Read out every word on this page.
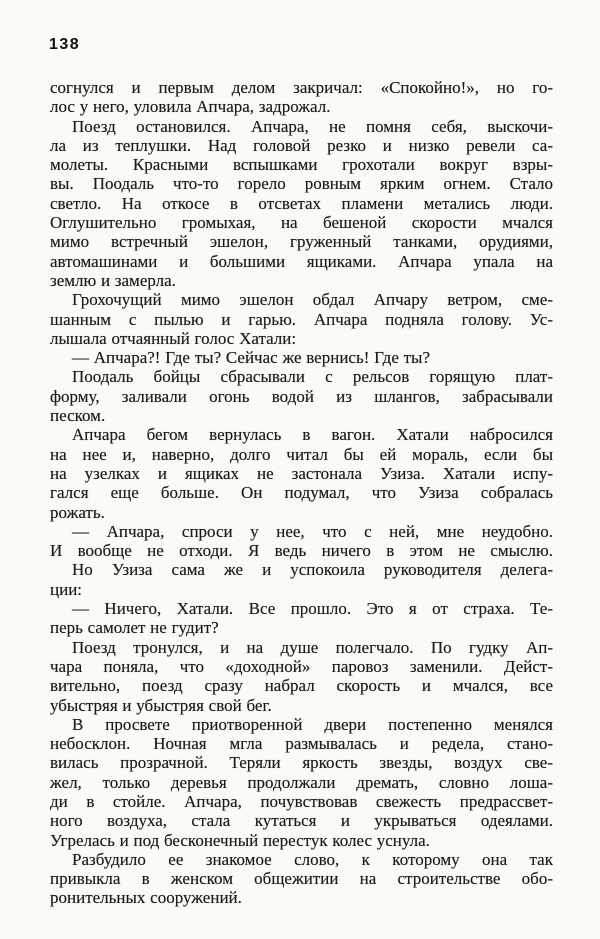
138
согнулся и первым делом закричал: «Спокойно!», но го-
лос у него, уловила Апчара, задрожал.
Поезд остановился. Апчара, не помня себя, выскочи-
ла из теплушки. Над головой резко и низко ревели са-
молеты. Красными вспышками грохотали вокруг взры-
вы. Поодаль что-то горело ровным ярким огнем. Стало
светло. На откосе в отсветах пламени метались люди.
Оглушительно громыхая, на бешеной скорости мчался
мимо встречный эшелон, груженный танками, орудиями,
автомашинами и большими ящиками. Апчара упала на
землю и замерла.
Грохочущий мимо эшелон обдал Апчару ветром, сме-
шанным с пылью и гарью. Апчара подняла голову. Ус-
лышала отчаянный голос Хатали:
— Апчара?! Где ты? Сейчас же вернись! Где ты?
Поодаль бойцы сбрасывали с рельсов горящую плат-
форму, заливали огонь водой из шлангов, забрасывали
песком.
Апчара бегом вернулась в вагон. Хатали набросился
на нее и, наверно, долго читал бы ей мораль, если бы
на узелках и ящиках не застонала Узиза. Хатали испу-
гался еще больше. Он подумал, что Узиза собралась
рожать.
— Апчара, спроси у нее, что с ней, мне неудобно.
И вообще не отходи. Я ведь ничего в этом не смыслю.
Но Узиза сама же и успокоила руководителя делега-
ции:
— Ничего, Хатали. Все прошло. Это я от страха. Те-
перь самолет не гудит?
Поезд тронулся, и на душе полегчало. По гудку Ап-
чара поняла, что «доходной» паровоз заменили. Дейст-
вительно, поезд сразу набрал скорость и мчался, все
убыстряя и убыстряя свой бег.
В просвете приотворенной двери постепенно менялся
небосклон. Ночная мгла размывалась и редела, стано-
вилась прозрачной. Теряли яркость звезды, воздух све-
жел, только деревья продолжали дремать, словно лоша-
ди в стойле. Апчара, почувствовав свежесть предрассвет-
ного воздуха, стала кутаться и укрываться одеялами.
Угрелась и под бесконечный перестук колес уснула.
Разбудило ее знакомое слово, к которому она так
привыкла в женском общежитии на строительстве обо-
ронительных сооружений.
